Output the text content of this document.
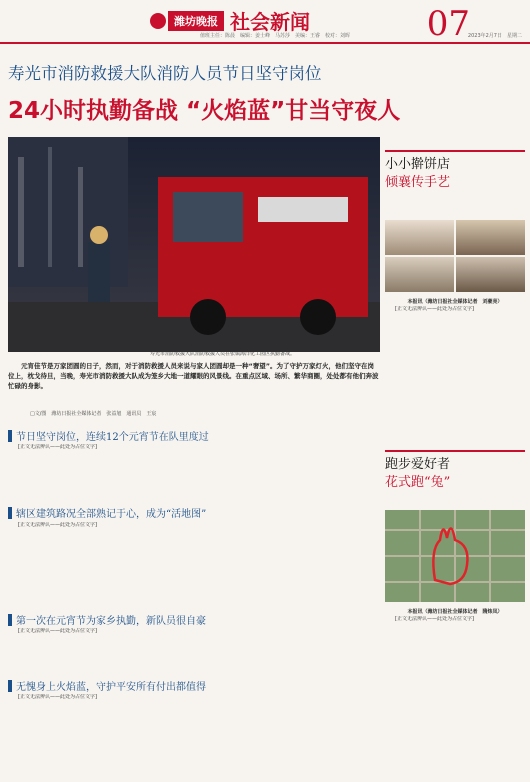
潍坊晚报 社会新闻	07
值班主任：陈晨　编辑：姜士峰　马苏莎　美编：王睿　校对：刘晖	2023年2月7日　星期二
寿光市消防救援大队消防人员节日坚守岗位
24小时执勤备战 “火焰蓝”甘当守夜人
寿光市消防救援大队消防救援人员在张镇海洋化工园区执勤备战。

元宵佳节是万家团圆的日子，然而，对于消防救援人员来说与家人团圆却是一种“奢望”。为了守护万家灯火，他们坚守在岗位上，枕戈待旦，当晚，寿光市消防救援大队成为笼乡大地一道耀眼的风景线。在重点区域、场所、繁华商圈，处处都有他们奔波忙碌的身影。

□文/图　潍坊日报社全媒体记者　张益旭　通讯员　王宸
节日坚守岗位，连续12个元宵节在队里度过

[正文无法辨认——此处为占位文字]

辖区建筑路况全部熟记于心，成为“活地图”

[正文无法辨认——此处为占位文字]

第一次在元宵节为家乡执勤，新队员很自豪

[正文无法辨认——此处为占位文字]

无愧身上火焰蓝，守护平安所有付出都值得

[正文无法辨认——此处为占位文字]

小小擀饼店
倾襄传手艺
本报讯（潍坊日报社全媒体记者　刘豪亮）

[正文无法辨认——此处为占位文字]

跑步爱好者
花式跑“兔”
本报讯（潍坊日报社全媒体记者　隋炜凤）

[正文无法辨认——此处为占位文字]
